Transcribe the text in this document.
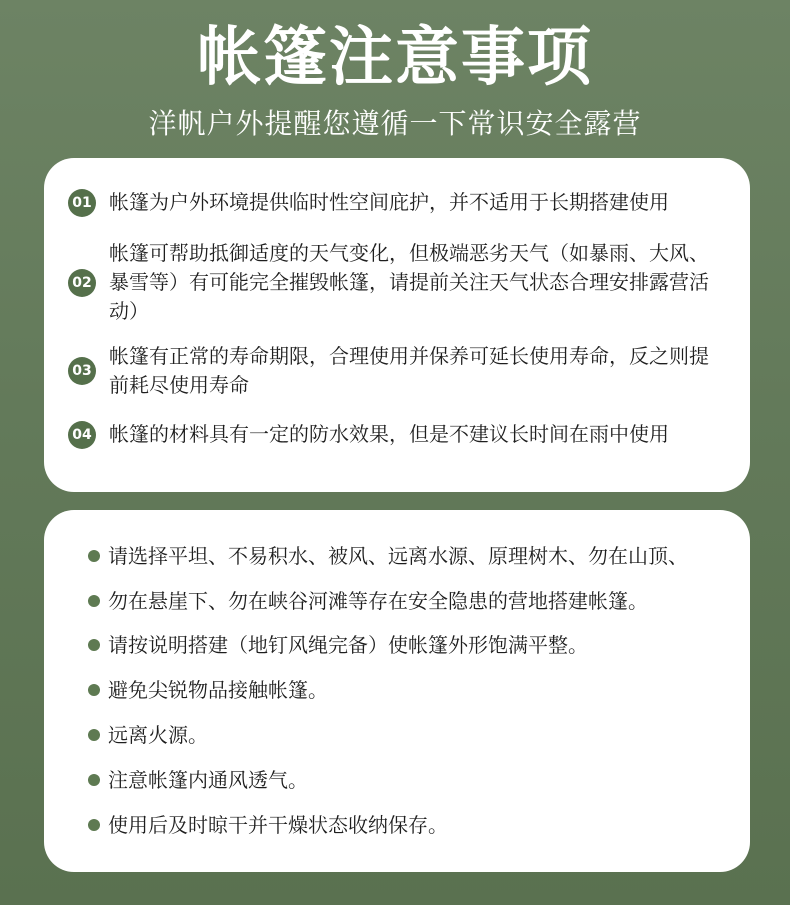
帐篷注意事项
洋帆户外提醒您遵循一下常识安全露营
01 帐篷为户外环境提供临时性空间庇护，并不适用于长期搭建使用
02
帐篷可帮助抵御适度的天气变化，但极端恶劣天气（如暴雨、大风、暴雪等）有可能完全摧毁帐篷，请提前关注天气状态合理安排露营活动）
03
帐篷有正常的寿命期限，合理使用并保养可延长使用寿命，反之则提前耗尽使用寿命
04 帐篷的材料具有一定的防水效果，但是不建议长时间在雨中使用
请选择平坦、不易积水、被风、远离水源、原理树木、勿在山顶、
勿在悬崖下、勿在峡谷河滩等存在安全隐患的营地搭建帐篷。
请按说明搭建（地钉风绳完备）使帐篷外形饱满平整。
避免尖锐物品接触帐篷。
远离火源。
注意帐篷内通风透气。
使用后及时晾干并干燥状态收纳保存。
